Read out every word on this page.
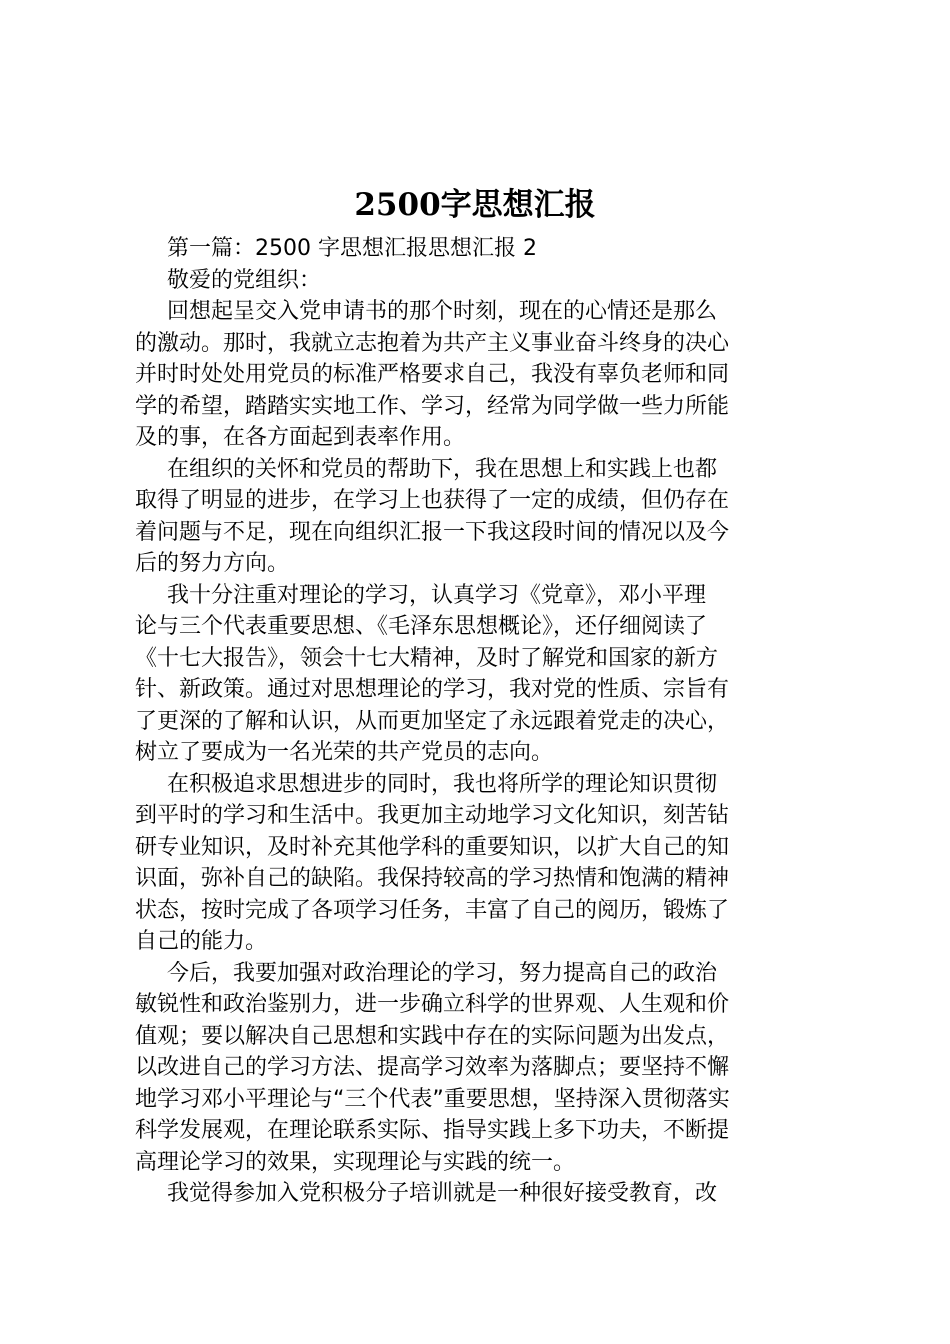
2500字思想汇报
第一篇：2500 字思想汇报思想汇报 2
敬爱的党组织：
回想起呈交入党申请书的那个时刻，现在的心情还是那么
的激动。那时，我就立志抱着为共产主义事业奋斗终身的决心
并时时处处用党员的标准严格要求自己，我没有辜负老师和同
学的希望，踏踏实实地工作、学习，经常为同学做一些力所能
及的事，在各方面起到表率作用。
在组织的关怀和党员的帮助下，我在思想上和实践上也都
取得了明显的进步，在学习上也获得了一定的成绩，但仍存在
着问题与不足，现在向组织汇报一下我这段时间的情况以及今
后的努力方向。
我十分注重对理论的学习，认真学习《党章》，邓小平理
论与三个代表重要思想、《毛泽东思想概论》，还仔细阅读了
《十七大报告》，领会十七大精神，及时了解党和国家的新方
针、新政策。通过对思想理论的学习，我对党的性质、宗旨有
了更深的了解和认识，从而更加坚定了永远跟着党走的决心，
树立了要成为一名光荣的共产党员的志向。
在积极追求思想进步的同时，我也将所学的理论知识贯彻
到平时的学习和生活中。我更加主动地学习文化知识，刻苦钻
研专业知识，及时补充其他学科的重要知识，以扩大自己的知
识面，弥补自己的缺陷。我保持较高的学习热情和饱满的精神
状态，按时完成了各项学习任务，丰富了自己的阅历，锻炼了
自己的能力。
今后，我要加强对政治理论的学习，努力提高自己的政治
敏锐性和政治鉴别力，进一步确立科学的世界观、人生观和价
值观；要以解决自己思想和实践中存在的实际问题为出发点，
以改进自己的学习方法、提高学习效率为落脚点；要坚持不懈
地学习邓小平理论与“三个代表”重要思想，坚持深入贯彻落实
科学发展观，在理论联系实际、指导实践上多下功夫，不断提
高理论学习的效果，实现理论与实践的统一。
我觉得参加入党积极分子培训就是一种很好接受教育，改
